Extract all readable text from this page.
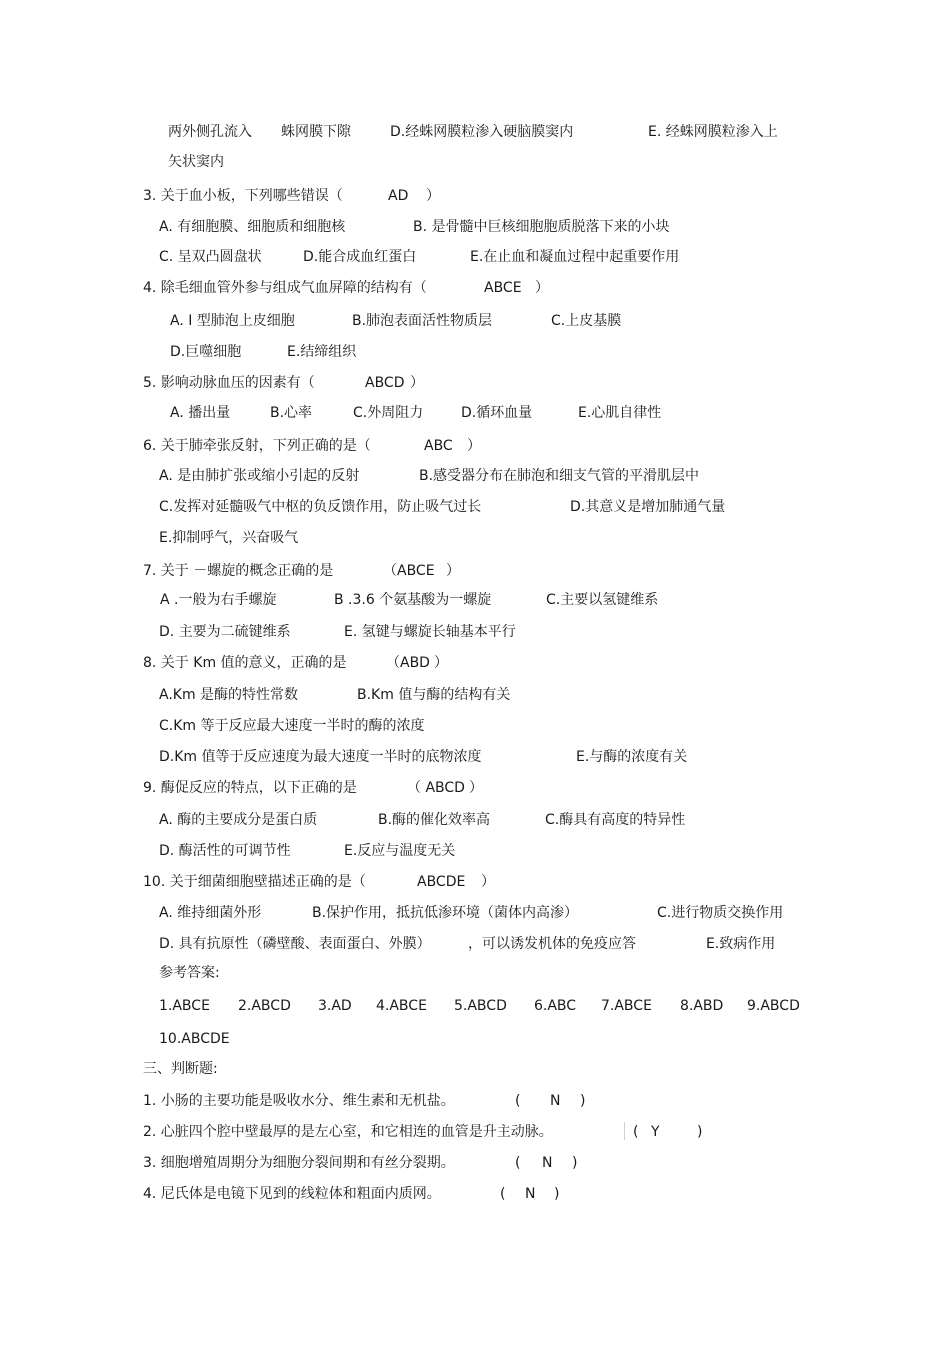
两外侧孔流入 蛛网膜下隙	D.经蛛网膜粒渗入硬脑膜窦内	E. 经蛛网膜粒渗入上
矢状窦内
3. 关于血小板，下列哪些错误（	AD ）
A. 有细胞膜、细胞质和细胞核	B. 是骨髓中巨核细胞胞质脱落下来的小块
C. 呈双凸圆盘状	D.能合成血红蛋白	E.在止血和凝血过程中起重要作用
4. 除毛细血管外参与组成气血屏障的结构有（	ABCE ）
A. Ⅰ 型肺泡上皮细胞	B.肺泡表面活性物质层	C.上皮基膜
D.巨噬细胞	E.结缔组织
5. 影响动脉血压的因素有（	ABCD ）
A. 播出量	B.心率	C.外周阻力	D.循环血量	E.心肌自律性
6. 关于肺牵张反射，下列正确的是（	ABC ）
A. 是由肺扩张或缩小引起的反射	B.感受器分布在肺泡和细支气管的平滑肌层中
C.发挥对延髓吸气中枢的负反馈作用，防止吸气过长	D.其意义是增加肺通气量
E.抑制呼气，兴奋吸气
7. 关于 －螺旋的概念正确的是	（ABCE ）
A .一般为右手螺旋	B .3.6 个氨基酸为一螺旋	C.主要以氢键维系
D. 主要为二硫键维系	E. 氢键与螺旋长轴基本平行
8. 关于 Km 值的意义，正确的是	（ABD ）
A.Km 是酶的特性常数	B.Km 值与酶的结构有关
C.Km 等于反应最大速度一半时的酶的浓度
D.Km 值等于反应速度为最大速度一半时的底物浓度	E.与酶的浓度有关
9. 酶促反应的特点，以下正确的是	（ ABCD ）
A. 酶的主要成分是蛋白质	B.酶的催化效率高	C.酶具有高度的特异性
D. 酶活性的可调节性	E.反应与温度无关
10. 关于细菌细胞壁描述正确的是（	ABCDE ）
A. 维持细菌外形	B.保护作用，抵抗低渗环境（菌体内高渗）	C.进行物质交换作用
D. 具有抗原性（磷壁酸、表面蛋白、外膜）	，可以诱发机体的免疫应答	E.致病作用
参考答案:
1.ABCE 2.ABCD 3.AD 4.ABCE 5.ABCD 6.ABC 7.ABCE 8.ABD 9.ABCD
10.ABCDE
三、判断题:
1. 小肠的主要功能是吸收水分、维生素和无机盐。	( N )
2. 心脏四个腔中壁最厚的是左心室，和它相连的血管是升主动脉。	( Y	)
3. 细胞增殖周期分为细胞分裂间期和有丝分裂期。	( N )
4. 尼氏体是电镜下见到的线粒体和粗面内质网。	( N )
